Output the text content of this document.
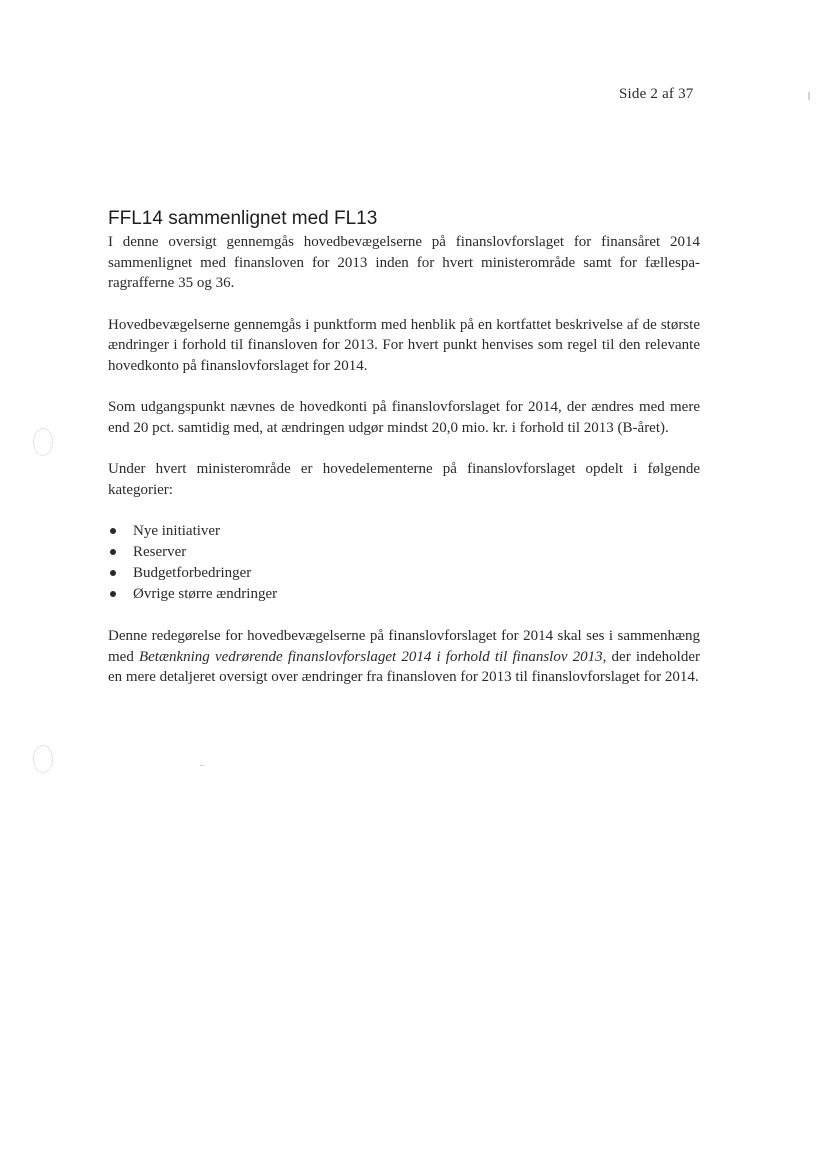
Side 2 af 37
FFL14 sammenlignet med FL13

I denne oversigt gennemgås hovedbevægelserne på finanslovforslaget for finansåret 2014 sammenlignet med finansloven for 2013 inden for hvert ministerområde samt for fællesparagrafferne 35 og 36.

Hovedbevægelserne gennemgås i punktform med henblik på en kortfattet beskrivelse af de største ændringer i forhold til finansloven for 2013. For hvert punkt henvises som regel til den relevante hovedkonto på finanslovforslaget for 2014.

Som udgangspunkt nævnes de hovedkonti på finanslovforslaget for 2014, der ændres med mere end 20 pct. samtidig med, at ændringen udgør mindst 20,0 mio. kr. i forhold til 2013 (B-året).

Under hvert ministerområde er hovedelementerne på finanslovforslaget opdelt i følgende kategorier:

Nye initiativer
Reserver
Budgetforbedringer
Øvrige større ændringer

Denne redegørelse for hovedbevægelserne på finanslovforslaget for 2014 skal ses i sammenhæng med Betænkning vedrørende finanslovforslaget 2014 i forhold til finanslov 2013, der indeholder en mere detaljeret oversigt over ændringer fra finansloven for 2013 til finanslovforslaget for 2014.
